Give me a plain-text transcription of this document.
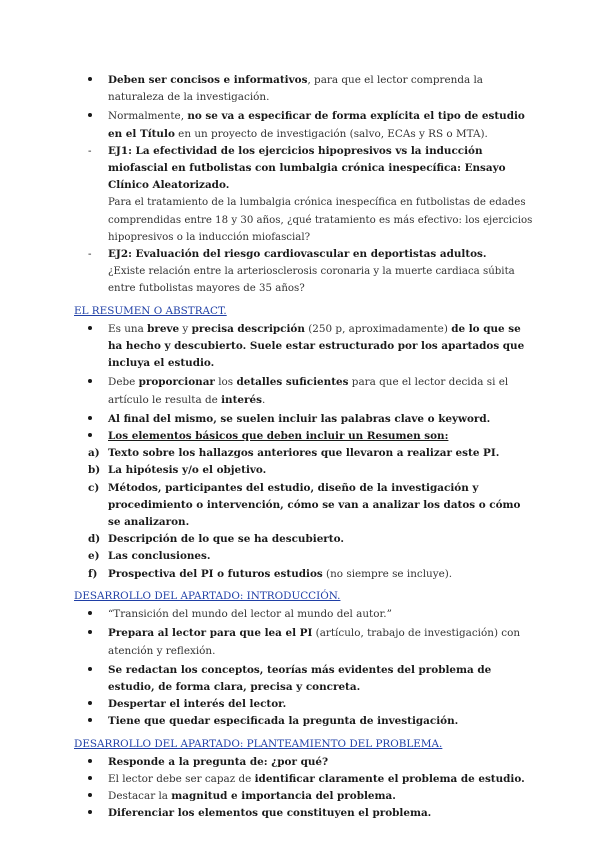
Deben ser concisos e informativos, para que el lector comprenda la naturaleza de la investigación.
Normalmente, no se va a especificar de forma explícita el tipo de estudio en el Título en un proyecto de investigación (salvo, ECAs y RS o MTA).
-	EJ1: La efectividad de los ejercicios hipopresivos vs la inducción miofascial en futbolistas con lumbalgia crónica inespecífica: Ensayo Clínico Aleatorizado.
Para el tratamiento de la lumbalgia crónica inespecífica en futbolistas de edades comprendidas entre 18 y 30 años, ¿qué tratamiento es más efectivo: los ejercicios hipopresivos o la inducción miofascial?
-	EJ2: Evaluación del riesgo cardiovascular en deportistas adultos.
¿Existe relación entre la arteriosclerosis coronaria y la muerte cardiaca súbita entre futbolistas mayores de 35 años?
EL RESUMEN O ABSTRACT.
Es una breve y precisa descripción (250 p, aproximadamente) de lo que se ha hecho y descubierto. Suele estar estructurado por los apartados que incluya el estudio.
Debe proporcionar los detalles suficientes para que el lector decida si el artículo le resulta de interés.
Al final del mismo, se suelen incluir las palabras clave o keyword.
Los elementos básicos que deben incluir un Resumen son:
a) Texto sobre los hallazgos anteriores que llevaron a realizar este PI.
b) La hipótesis y/o el objetivo.
c) Métodos, participantes del estudio, diseño de la investigación y procedimiento o intervención, cómo se van a analizar los datos o cómo se analizaron.
d) Descripción de lo que se ha descubierto.
e) Las conclusiones.
f)	Prospectiva del PI o futuros estudios (no siempre se incluye).
DESARROLLO DEL APARTADO: INTRODUCCIÓN.
“Transición del mundo del lector al mundo del autor.”
Prepara al lector para que lea el PI (artículo, trabajo de investigación) con atención y reflexión.
Se redactan los conceptos, teorías más evidentes del problema de estudio, de forma clara, precisa y concreta.
Despertar el interés del lector.
Tiene que quedar especificada la pregunta de investigación.
DESARROLLO DEL APARTADO: PLANTEAMIENTO DEL PROBLEMA.
Responde a la pregunta de: ¿por qué?
El lector debe ser capaz de identificar claramente el problema de estudio.
Destacar la magnitud e importancia del problema.
Diferenciar los elementos que constituyen el problema.
